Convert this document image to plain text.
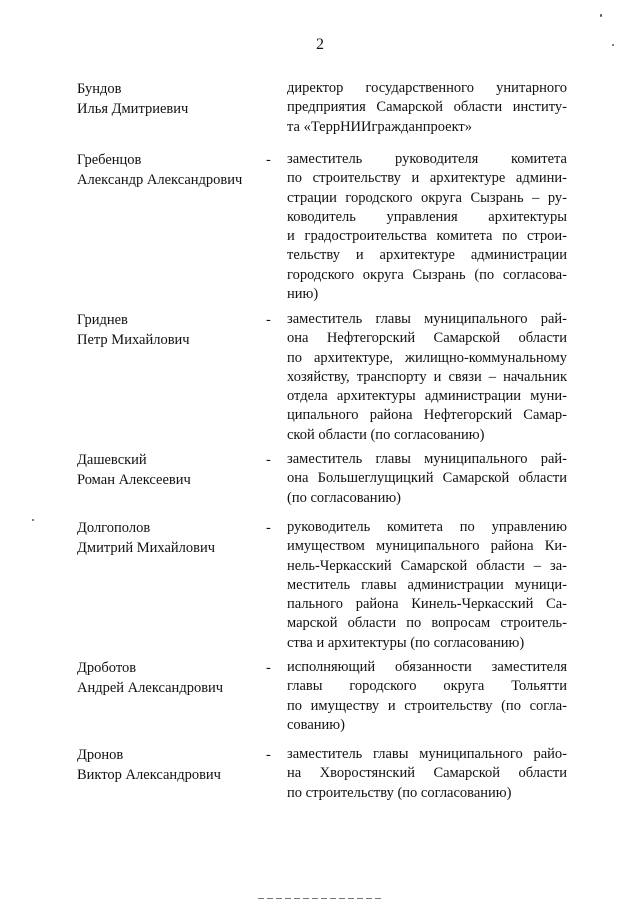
2
Бундов
Илья Дмитриевич
директор государственного унитарного
предприятия Самарской области институ-
та «ТеррНИИгражданпроект»
Гребенцов
Александр Александрович
- заместитель руководителя комитета
по строительству и архитектуре админи-
страции городского округа Сызрань – ру-
ководитель управления архитектуры
и градостроительства комитета по строи-
тельству и архитектуре администрации
городского округа Сызрань (по согласова-
нию)
Гриднев
Петр Михайлович
- заместитель главы муниципального рай-
она Нефтегорский Самарской области
по архитектуре, жилищно-коммунальному
хозяйству, транспорту и связи – начальник
отдела архитектуры администрации муни-
ципального района Нефтегорский Самар-
ской области (по согласованию)
Дашевский
Роман Алексеевич
- заместитель главы муниципального рай-
она Большеглущицкий Самарской области
(по согласованию)
Долгополов
Дмитрий Михайлович
- руководитель комитета по управлению
имуществом муниципального района Ки-
нель-Черкасский Самарской области – за-
меститель главы администрации муници-
пального района Кинель-Черкасский Са-
марской области по вопросам строитель-
ства и архитектуры (по согласованию)
Дроботов
Андрей Александрович
- исполняющий обязанности заместителя
главы городского округа Тольятти
по имуществу и строительству (по согла-
сованию)
Дронов
Виктор Александрович
- заместитель главы муниципального райо-
на Хворостянский Самарской области
по строительству (по согласованию)
